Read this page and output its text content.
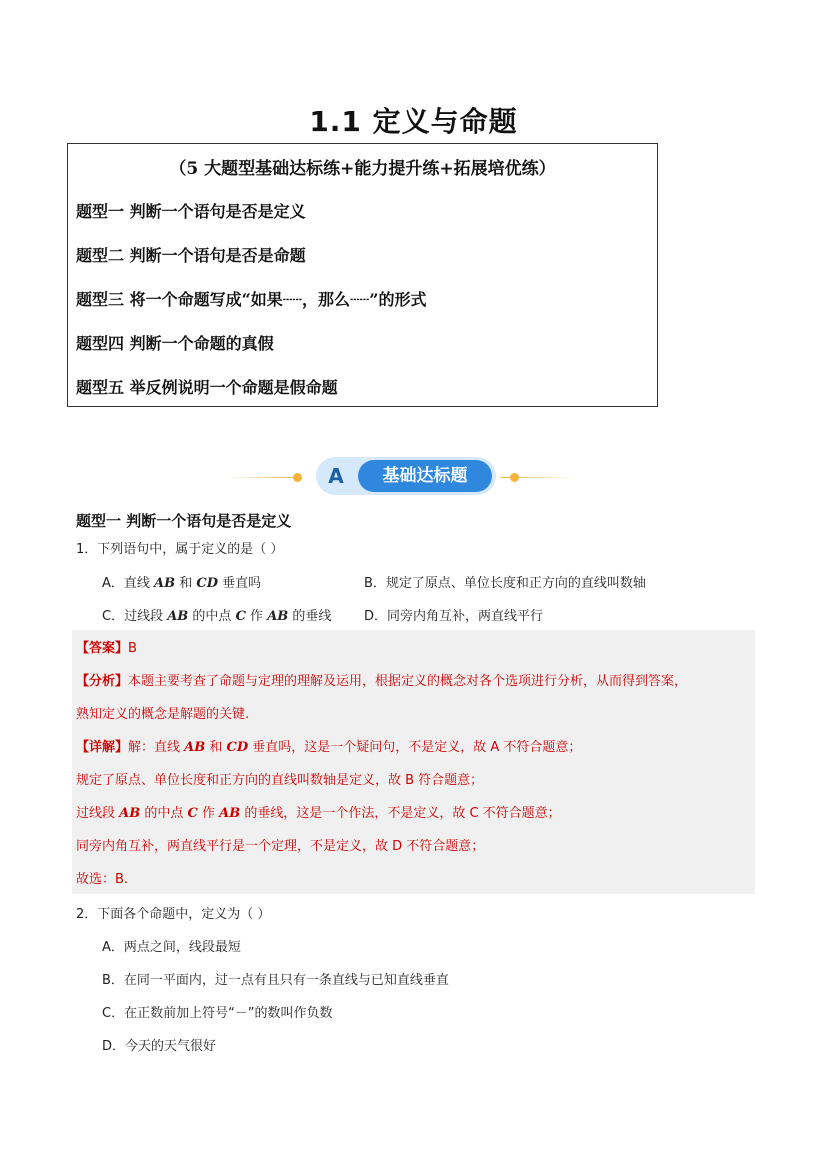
1.1 定义与命题
（5 大题型基础达标练+能力提升练+拓展培优练）
题型一 判断一个语句是否是定义
题型二 判断一个语句是否是命题
题型三 将一个命题写成“如果┄┄，那么┄┄”的形式
题型四 判断一个命题的真假
题型五 举反例说明一个命题是假命题
A	基础达标题
题型一 判断一个语句是否是定义
1．下列语句中，属于定义的是（ ）
A．直线 AB 和 CD 垂直吗	B．规定了原点、单位长度和正方向的直线叫数轴
C．过线段 AB 的中点 C 作 AB 的垂线	D．同旁内角互补，两直线平行
【答案】B
【分析】本题主要考查了命题与定理的理解及运用，根据定义的概念对各个选项进行分析，从而得到答案，
熟知定义的概念是解题的关键.
【详解】解：直线 AB 和 CD 垂直吗，这是一个疑问句，不是定义，故 A 不符合题意；
规定了原点、单位长度和正方向的直线叫数轴是定义，故 B 符合题意；
过线段 AB 的中点 C 作 AB 的垂线，这是一个作法，不是定义，故 C 不符合题意；
同旁内角互补，两直线平行是一个定理，不是定义，故 D 不符合题意；
故选：B.
2．下面各个命题中，定义为（ ）
A．两点之间，线段最短
B．在同一平面内，过一点有且只有一条直线与已知直线垂直
C．在正数前加上符号“－”的数叫作负数
D．今天的天气很好
